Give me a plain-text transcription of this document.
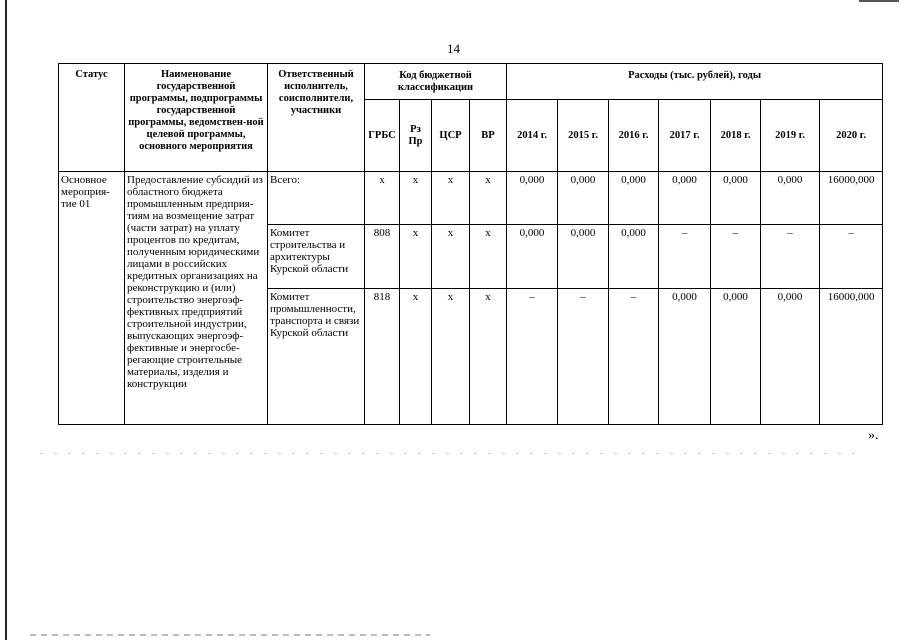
14
Статус	Наименование государственной программы, подпрограммы государственной программы, ведомствен-ной целевой программы, основного мероприятия	Ответственный исполнитель, соисполнители, участники	Код бюджетной классификации				Расходы (тыс. рублей), годы						
			ГРБС	Рз Пр	ЦСР	ВР	2014 г.	2015 г.	2016 г.	2017 г.	2018 г.	2019 г.	2020 г.
Основное мероприя-тие 01	Предоставление субсидий из областного бюджета промышленным предприя-тиям на возмещение затрат (части затрат) на уплату процентов по кредитам, полученным юридическими лицами в российских кредитных организациях на реконструкцию и (или) строительство энергоэф-фективных предприятий строительной индустрии, выпускающих энергоэф-фективные и энергосбе-регающие строительные материалы, изделия и конструкции	Всего:	x	x	x	x	0,000	0,000	0,000	0,000	0,000	0,000	16000,000
		Комитет строительства и архитектуры Курской области	808	x	x	x	0,000	0,000	0,000	–	–	–	–
		Комитет промышленности, транспорта и связи Курской области	818	x	x	x	–	–	–	0,000	0,000	0,000	16000,000
».
